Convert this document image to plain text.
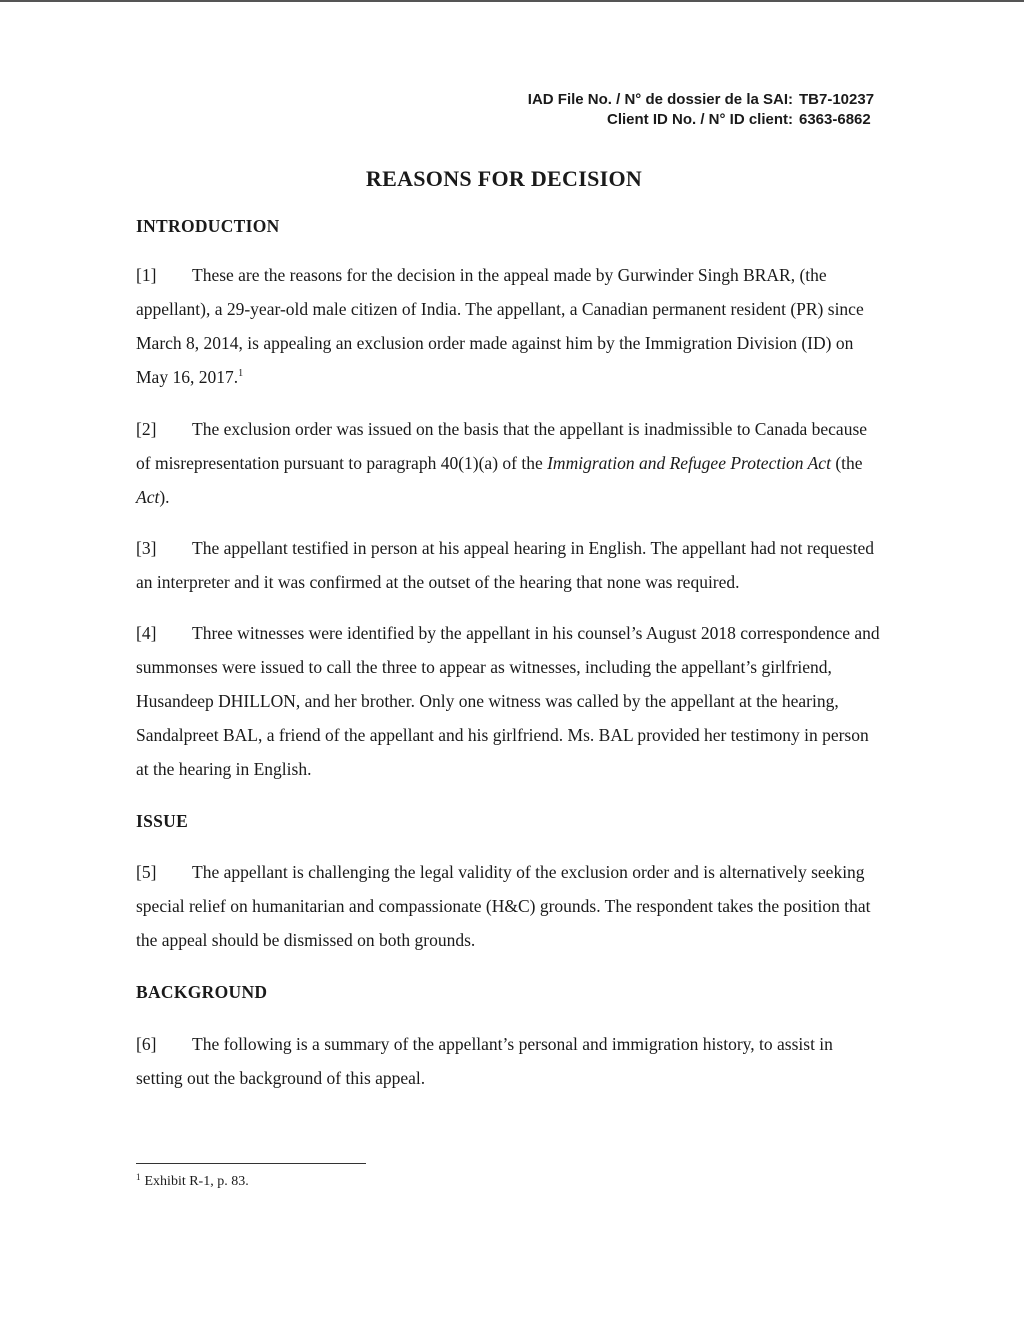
IAD File No. / N° de dossier de la SAI: TB7-10237
Client ID No. / N° ID client: 6363-6862
REASONS FOR DECISION
INTRODUCTION
[1] These are the reasons for the decision in the appeal made by Gurwinder Singh BRAR, (the appellant), a 29-year-old male citizen of India. The appellant, a Canadian permanent resident (PR) since March 8, 2014, is appealing an exclusion order made against him by the Immigration Division (ID) on May 16, 2017.$^1$
[2] The exclusion order was issued on the basis that the appellant is inadmissible to Canada because of misrepresentation pursuant to paragraph 40(1)(a) of the Immigration and Refugee Protection Act (the Act).
[3] The appellant testified in person at his appeal hearing in English. The appellant had not requested an interpreter and it was confirmed at the outset of the hearing that none was required.
[4] Three witnesses were identified by the appellant in his counsel’s August 2018 correspondence and summonses were issued to call the three to appear as witnesses, including the appellant’s girlfriend, Husandeep DHILLON, and her brother. Only one witness was called by the appellant at the hearing, Sandalpreet BAL, a friend of the appellant and his girlfriend. Ms. BAL provided her testimony in person at the hearing in English.
ISSUE
[5] The appellant is challenging the legal validity of the exclusion order and is alternatively seeking special relief on humanitarian and compassionate (H&C) grounds. The respondent takes the position that the appeal should be dismissed on both grounds.
BACKGROUND
[6] The following is a summary of the appellant’s personal and immigration history, to assist in setting out the background of this appeal.
$^1$ Exhibit R-1, p. 83.
